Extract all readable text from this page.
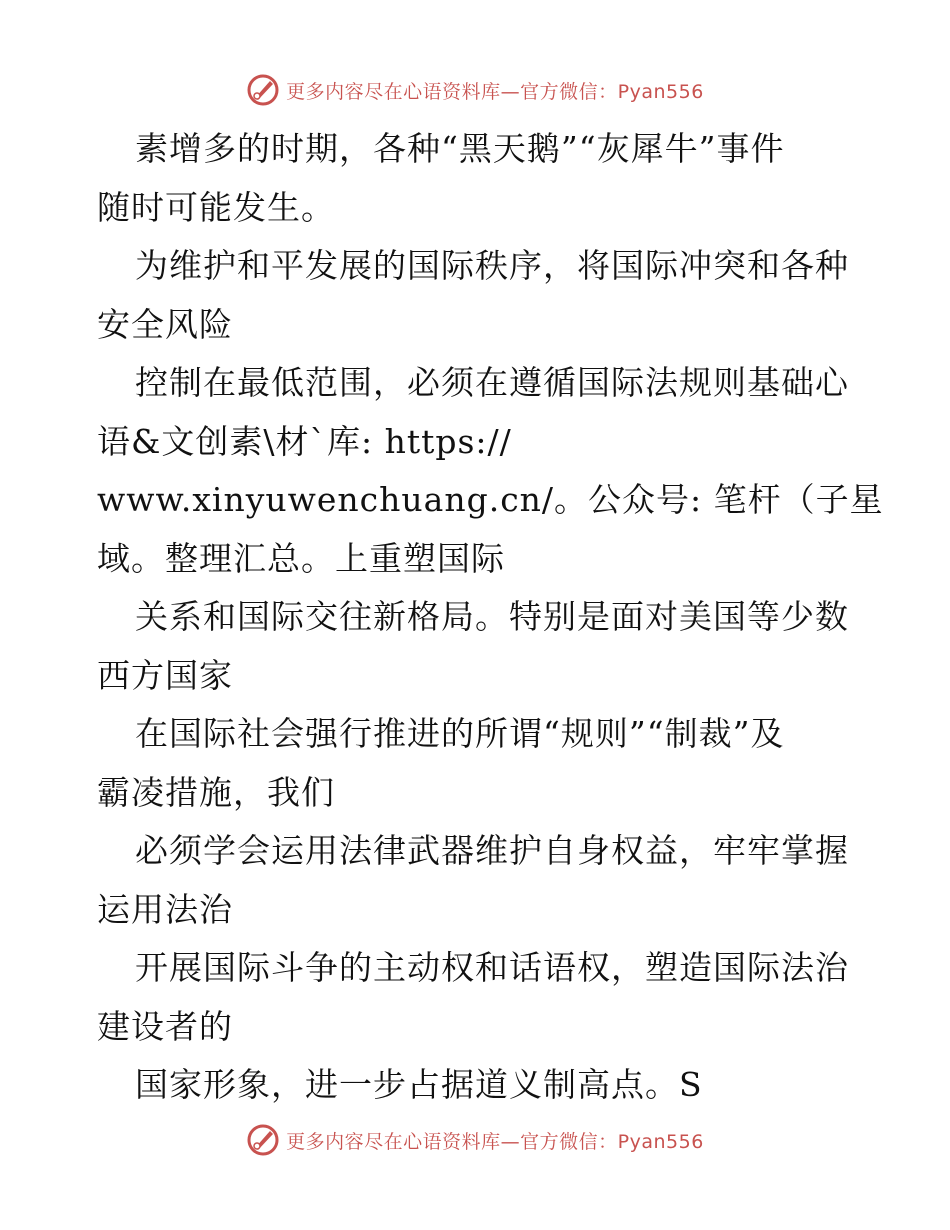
更多内容尽在心语资料库—官方微信：Pyan556
素增多的时期，各种“黑天鹅”“灰犀牛”事件
随时可能发生。
为维护和平发展的国际秩序，将国际冲突和各种
安全风险
控制在最低范围，必须在遵循国际法规则基础心
语&文创素\材`库: https://
www.xinyuwenchuang.cn/。公众号: 笔杆（子星
域。整理汇总。上重塑国际
关系和国际交往新格局。特别是面对美国等少数
西方国家
在国际社会强行推进的所谓“规则”“制裁”及
霸凌措施，我们
必须学会运用法律武器维护自身权益，牢牢掌握
运用法治
开展国际斗争的主动权和话语权，塑造国际法治
建设者的
国家形象，进一步占据道义制高点。S
更多内容尽在心语资料库—官方微信：Pyan556
